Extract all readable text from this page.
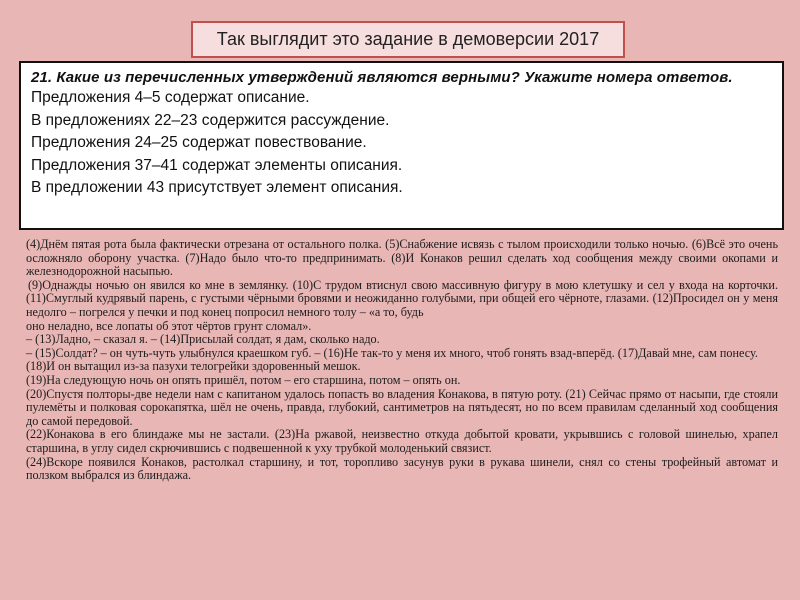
Так выглядит это задание в демоверсии 2017

21. Какие из перечисленных утверждений являются верными? Укажите номера ответов.

Предложения 4–5 содержат описание.

В предложениях 22–23 содержится рассуждение.

Предложения 24–25 содержат повествование.

Предложения 37–41 содержат элементы описания.

В предложении 43 присутствует элемент описания.

(4)Днём пятая рота была фактически отрезана от остального полка. (5)Снабжение исвязь с тылом происходили только ночью. (6)Всё это очень осложняло оборону участка. (7)Надо было что-то предпринимать. (8)И Конаков решил сделать ход сообщения между своими окопами и железнодорожной насыпью.

(9)Однажды ночью он явился ко мне в землянку. (10)С трудом втиснул свою массивную фигуру в мою клетушку и сел у входа на корточки. (11)Смуглый кудрявый парень, с густыми чёрными бровями и неожиданно голубыми, при общей его чёрноте, глазами. (12)Просидел он у меня недолго – погрелся у печки и под конец попросил немного толу – «а то, будь

оно неладно, все лопаты об этот чёртов грунт сломал».

– (13)Ладно, – сказал я. – (14)Присылай солдат, я дам, сколько надо.

– (15)Солдат? – он чуть-чуть улыбнулся краешком губ. – (16)Не так-то у меня их много, чтоб гонять взад-вперёд. (17)Давай мне, сам понесу.

(18)И он вытащил из-за пазухи телогрейки здоровенный мешок.

(19)На следующую ночь он опять пришёл, потом – его старшина, потом – опять он.

(20)Спустя полторы-две недели нам с капитаном удалось попасть во владения Конакова, в пятую роту. (21) Сейчас прямо от насыпи, где стояли пулемёты и полковая сорокапятка, шёл не очень, правда, глубокий, сантиметров на пятьдесят, но по всем правилам сделанный ход сообщения до самой передовой.

(22)Конакова в его блиндаже мы не застали. (23)На ржавой, неизвестно откуда добытой кровати, укрывшись с головой шинелью, храпел старшина, в углу сидел скрючившись с подвешенной к уху трубкой молоденький связист.

(24)Вскоре появился Конаков, растолкал старшину, и тот, торопливо засунув руки в рукава шинели, снял со стены трофейный автомат и ползком выбрался из блиндажа.
